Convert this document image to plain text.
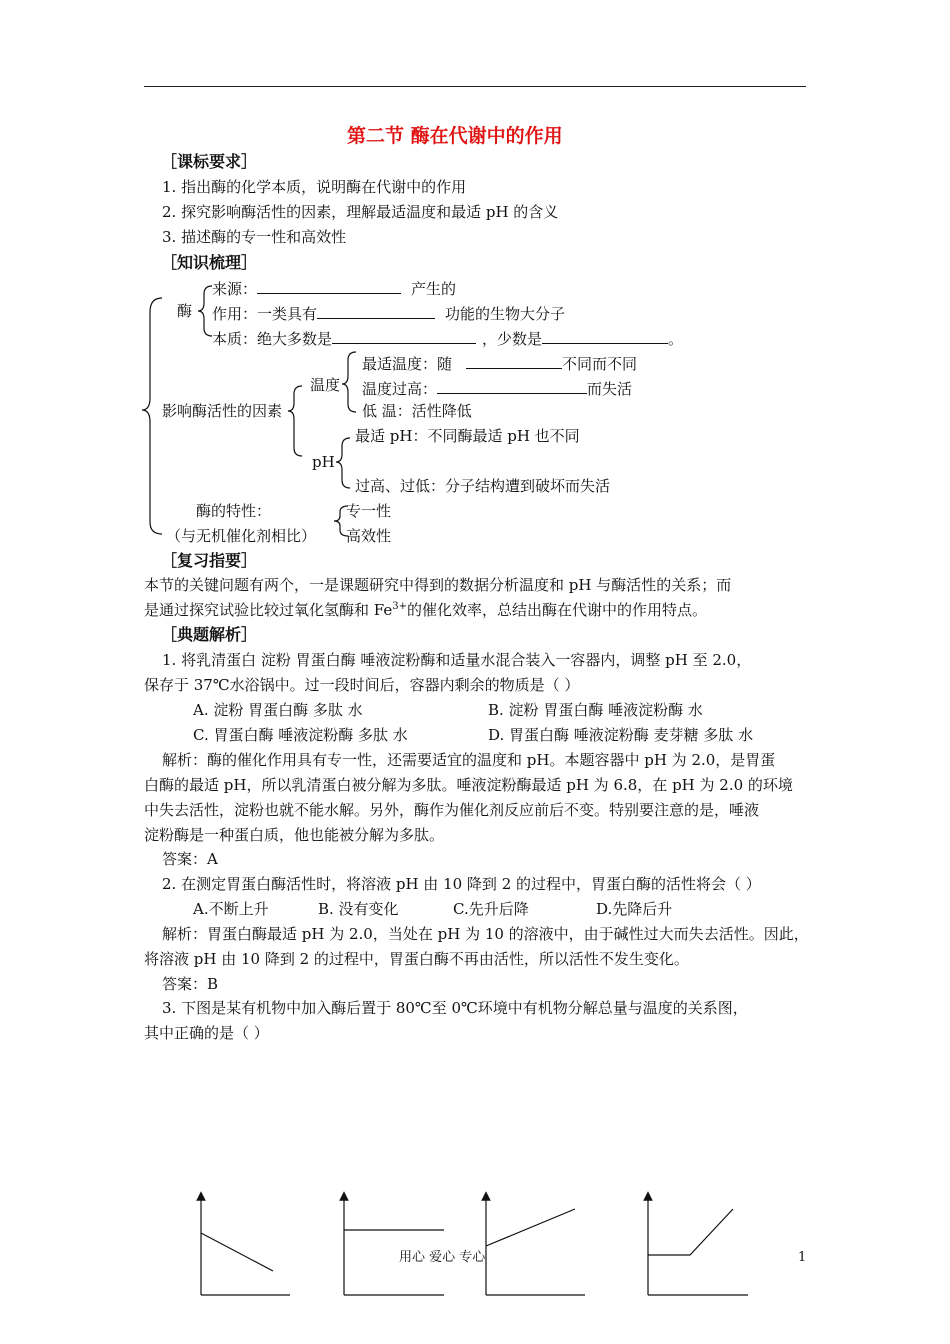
第二节 酶在代谢中的作用
［课标要求］
1. 指出酶的化学本质，说明酶在代谢中的作用
2. 探究影响酶活性的因素，理解最适温度和最适 pH 的含义
3. 描述酶的专一性和高效性
［知识梳理］
酶
来源：	产生的
作用：一类具有	功能的生物大分子
本质：绝大多数是	，少数是	。
影响酶活性的因素
温度
最适温度：随	不同而不同
温度过高：	而失活
低 温：活性降低
pH
最适 pH：不同酶最适 pH 也不同
过高、过低：分子结构遭到破坏而失活
酶的特性：
（与无机催化剂相比）
专一性
高效性
［复习指要］
本节的关键问题有两个，一是课题研究中得到的数据分析温度和 pH 与酶活性的关系；而
是通过探究试验比较过氧化氢酶和 $Fe^{3+}$的催化效率，总结出酶在代谢中的作用特点。
［典题解析］
1. 将乳清蛋白 淀粉 胃蛋白酶 唾液淀粉酶和适量水混合装入一容器内，调整 pH 至 2.0，
保存于 37℃水浴锅中。过一段时间后，容器内剩余的物质是（ ）
A. 淀粉 胃蛋白酶 多肽 水	B. 淀粉 胃蛋白酶 唾液淀粉酶 水
C. 胃蛋白酶 唾液淀粉酶 多肽 水	D. 胃蛋白酶 唾液淀粉酶 麦芽糖 多肽 水
解析：酶的催化作用具有专一性，还需要适宜的温度和 pH。本题容器中 pH 为 2.0，是胃蛋
白酶的最适 pH，所以乳清蛋白被分解为多肽。唾液淀粉酶最适 pH 为 6.8，在 pH 为 2.0 的环境
中失去活性，淀粉也就不能水解。另外，酶作为催化剂反应前后不变。特别要注意的是，唾液
淀粉酶是一种蛋白质，他也能被分解为多肽。
答案：A
2. 在测定胃蛋白酶活性时，将溶液 pH 由 10 降到 2 的过程中，胃蛋白酶的活性将会（ ）
A.不断上升	B. 没有变化	C.先升后降	D.先降后升
解析：胃蛋白酶最适 pH 为 2.0，当处在 pH 为 10 的溶液中，由于碱性过大而失去活性。因此，
将溶液 pH 由 10 降到 2 的过程中，胃蛋白酶不再由活性，所以活性不发生变化。
答案：B
3. 下图是某有机物中加入酶后置于 80℃至 0℃环境中有机物分解总量与温度的关系图，
其中正确的是（ ）
用心 爱心 专心	1
